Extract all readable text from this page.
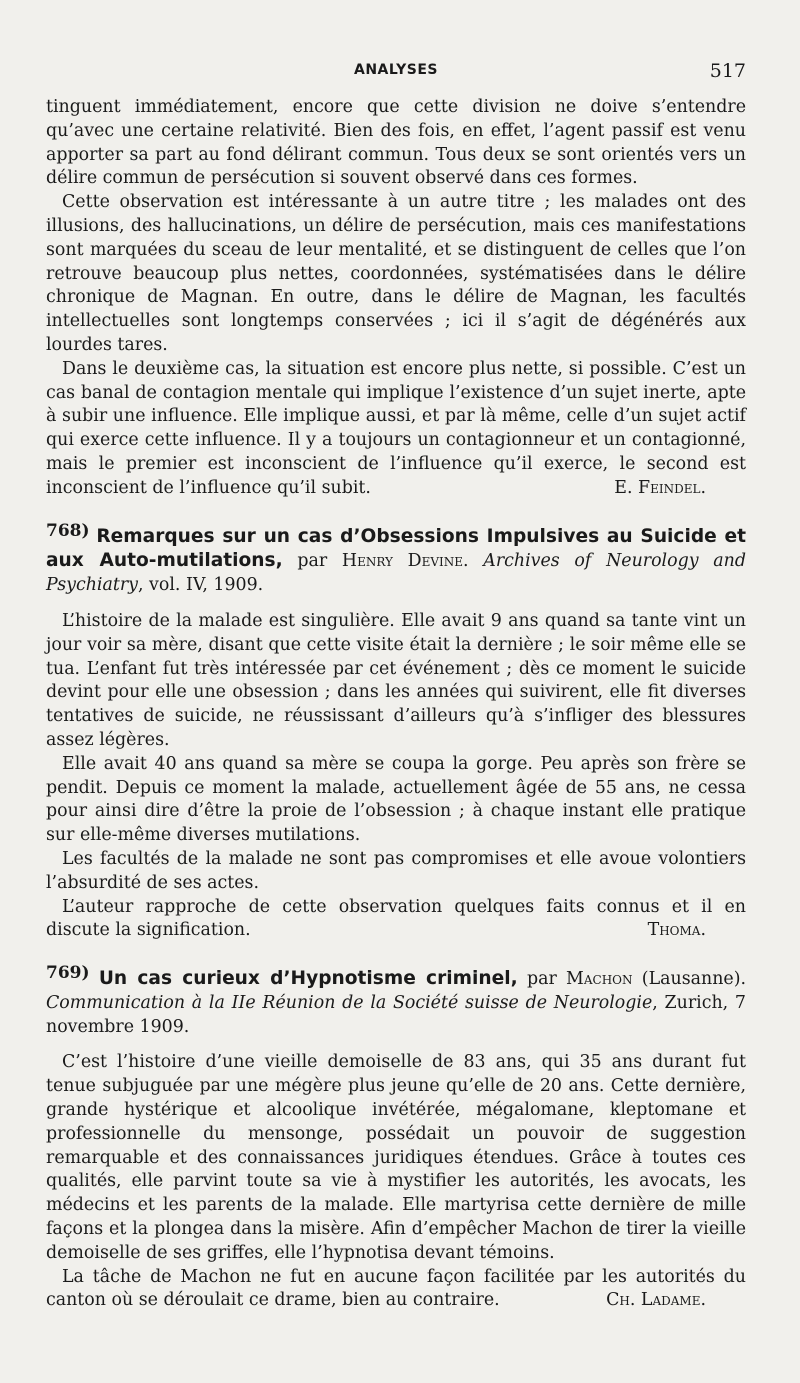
ANALYSES	517

tinguent immédiatement, encore que cette division ne doive s’entendre qu’avec une certaine relativité. Bien des fois, en effet, l’agent passif est venu apporter sa part au fond délirant commun. Tous deux se sont orientés vers un délire commun de persécution si souvent observé dans ces formes.

Cette observation est intéressante à un autre titre ; les malades ont des illusions, des hallucinations, un délire de persécution, mais ces manifestations sont marquées du sceau de leur mentalité, et se distinguent de celles que l’on retrouve beaucoup plus nettes, coordonnées, systématisées dans le délire chronique de Magnan. En outre, dans le délire de Magnan, les facultés intellectuelles sont longtemps conservées ; ici il s’agit de dégénérés aux lourdes tares.

Dans le deuxième cas, la situation est encore plus nette, si possible. C’est un cas banal de contagion mentale qui implique l’existence d’un sujet inerte, apte à subir une influence. Elle implique aussi, et par là même, celle d’un sujet actif qui exerce cette influence. Il y a toujours un contagionneur et un contagionné, mais le premier est inconscient de l’influence qu’il exerce, le second est inconscient de l’influence qu’il subit.	E. Feindel.

768) Remarques sur un cas d’Obsessions Impulsives au Suicide et aux Auto-mutilations, par Henry Devine. Archives of Neurology and Psychiatry, vol. IV, 1909.

L’histoire de la malade est singulière. Elle avait 9 ans quand sa tante vint un jour voir sa mère, disant que cette visite était la dernière ; le soir même elle se tua. L’enfant fut très intéressée par cet événement ; dès ce moment le suicide devint pour elle une obsession ; dans les années qui suivirent, elle fit diverses tentatives de suicide, ne réussissant d’ailleurs qu’à s’infliger des blessures assez légères.

Elle avait 40 ans quand sa mère se coupa la gorge. Peu après son frère se pendit. Depuis ce moment la malade, actuellement âgée de 55 ans, ne cessa pour ainsi dire d’être la proie de l’obsession ; à chaque instant elle pratique sur elle-même diverses mutilations.

Les facultés de la malade ne sont pas compromises et elle avoue volontiers l’absurdité de ses actes.

L’auteur rapproche de cette observation quelques faits connus et il en discute la signification.	Thoma.

769) Un cas curieux d’Hypnotisme criminel, par Machon (Lausanne). Communication à la IIe Réunion de la Société suisse de Neurologie, Zurich, 7 novembre 1909.

C’est l’histoire d’une vieille demoiselle de 83 ans, qui 35 ans durant fut tenue subjuguée par une mégère plus jeune qu’elle de 20 ans. Cette dernière, grande hystérique et alcoolique invétérée, mégalomane, kleptomane et professionnelle du mensonge, possédait un pouvoir de suggestion remarquable et des connaissances juridiques étendues. Grâce à toutes ces qualités, elle parvint toute sa vie à mystifier les autorités, les avocats, les médecins et les parents de la malade. Elle martyrisa cette dernière de mille façons et la plongea dans la misère. Afin d’empêcher Machon de tirer la vieille demoiselle de ses griffes, elle l’hypnotisa devant témoins.

La tâche de Machon ne fut en aucune façon facilitée par les autorités du canton où se déroulait ce drame, bien au contraire.	Ch. Ladame.
